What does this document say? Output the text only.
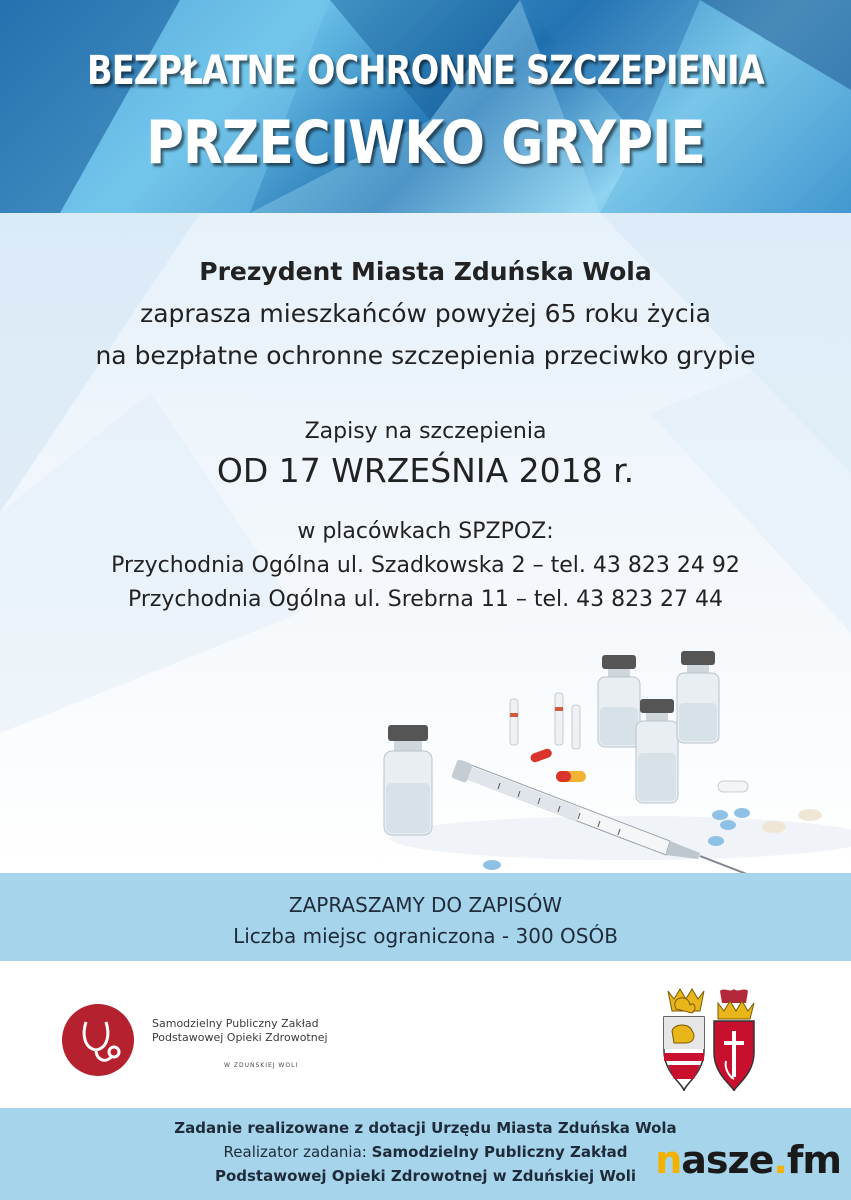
BEZPŁATNE OCHRONNE SZCZEPIENIA
PRZECIWKO GRYPIE
Prezydent Miasta Zduńska Wola
zaprasza mieszkańców powyżej 65 roku życia
na bezpłatne ochronne szczepienia przeciwko grypie
Zapisy na szczepienia
OD 17 WRZEŚNIA 2018 r.
w placówkach SPZPOZ:
Przychodnia Ogólna ul. Szadkowska 2 – tel. 43 823 24 92
Przychodnia Ogólna ul. Srebrna 11 – tel. 43 823 27 44
ZAPRASZAMY DO ZAPISÓW
Liczba miejsc ograniczona - 300 OSÓB
Samodzielny Publiczny Zakład
Podstawowej Opieki Zdrowotnej
W ZDUŃSKIEJ WOLI
Zadanie realizowane z dotacji Urzędu Miasta Zduńska Wola
Realizator zadania: Samodzielny Publiczny Zakład
Podstawowej Opieki Zdrowotnej w Zduńskiej Woli nasze.fm
